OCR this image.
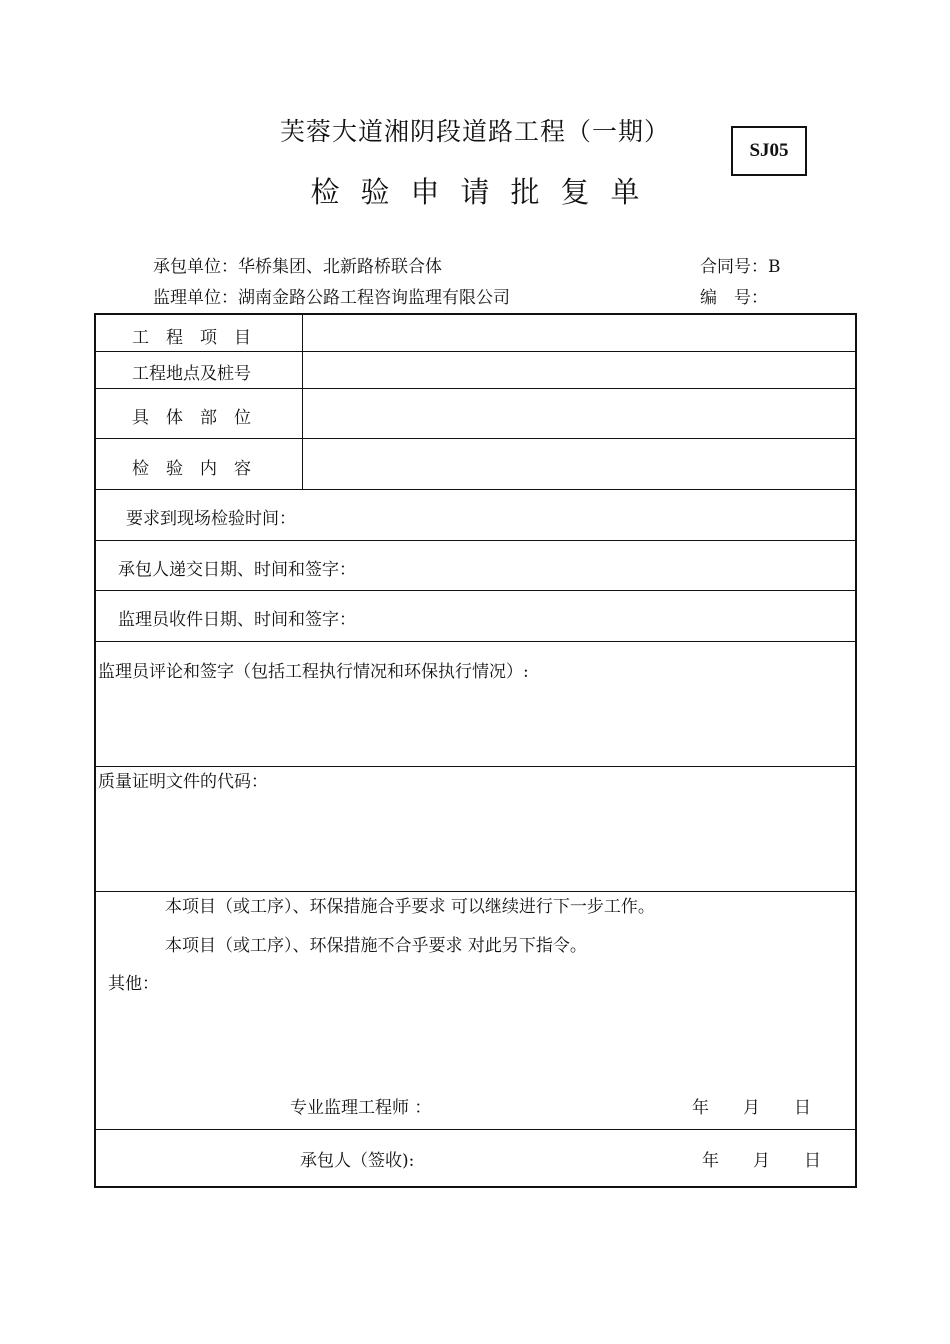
芙蓉大道湘阴段道路工程（一期）
检验申请批复单
SJ05
承包单位：华桥集团、北新路桥联合体	合同号：B
监理单位：湖南金路公路工程咨询监理有限公司	编　号：
工　程　项　目
工程地点及桩号
具　体　部　位
检　验　内　容
要求到现场检验时间：
承包人递交日期、时间和签字：
监理员收件日期、时间和签字：
监理员评论和签字（包括工程执行情况和环保执行情况）:
质量证明文件的代码：
本项目（或工序）、环保措施合乎要求 可以继续进行下一步工作。
本项目（或工序）、环保措施不合乎要求 对此另下指令。
其他：
专业监理工程师 ：	年　　月　　日
承包人（签收):	年　　月　　日
